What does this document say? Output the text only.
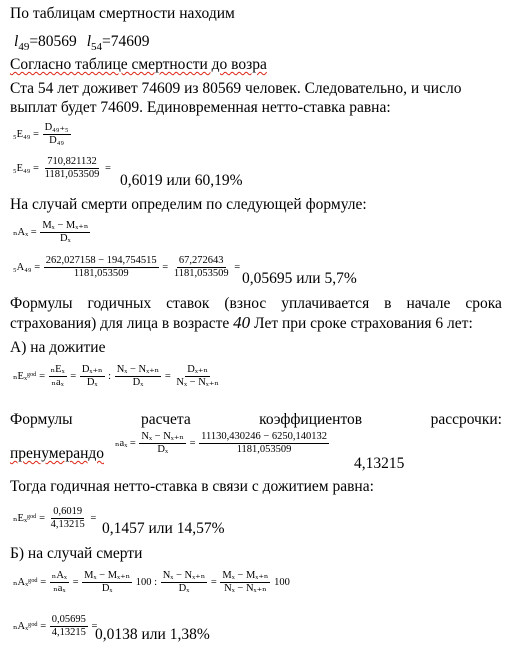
По таблицам смертности находим
$l_{49}=80569$ $l_{54}=74609$
Согласно таблице смертности до возра
Ста 54 лет доживет 74609 из 80569 человек. Следовательно, и число
выплат будет 74609. Единовременная нетто-ставка равна:
$_5E_{49} = \frac{\text{D₄₉₊₅}}{\text{D₄₉}}$
$_5E_{49} = \frac{710,821132}{1181,053509}$ =
0,6019 или 60,19%
На случай смерти определим по следующей формуле:
$_nA_x = \frac{\text{Mₓ − Mₓ₊ₙ}}{\text{Dₓ}}$
$_5A_{49} = \frac{262,027158 - 194,754515}{1181,053509} = \frac{67,272643}{1181,053509}$ =
0,05695 или 5,7%
Формулы годичных ставок (взнос уплачивается в начале срока
страхования) для лица в возрасте 40 Лет при сроке страхования 6 лет:
А) на дожитие
ₙEₓᵍᵒᵈ = $\frac{\text{ₙEₓ}}{\text{ₙaₓ}} = \frac{\text{Dₓ₊ₙ}}{\text{Dₓ}}$ : $\frac{\text{Nₓ − Nₓ₊ₙ}}{\text{Dₓ}} = \frac{\text{Dₓ₊ₙ}}{\text{Nₓ − Nₓ₊ₙ}}$
Формулы	расчета	коэффициентов	рассрочки:
пренумерандо
$_na_x = \frac{\text{Nₓ − Nₓ₊ₙ}}{\text{Dₓ}} = \frac{11130,430246 - 6250,140132}{1181,053509}$
4,13215
Тогда годичная нетто-ставка в связи с дожитием равна:
ₙEₓᵍᵒᵈ = $\frac{0,6019}{4,13215}$ =
0,1457 или 14,57%
Б) на случай смерти
ₙAₓᵍᵒᵈ = $\frac{\text{ₙAₓ}}{\text{ₙaₓ}} = \frac{\text{Mₓ − Mₓ₊ₙ}}{\text{Dₓ}} 100$ : $\frac{\text{Nₓ − Nₓ₊ₙ}}{\text{Dₓ}} = \frac{\text{Mₓ − Mₓ₊ₙ}}{\text{Nₓ − Nₓ₊ₙ}} 100$
ₙAₓᵍᵒᵈ = $\frac{0,05695}{4,13215}$ =
0,0138 или 1,38%
